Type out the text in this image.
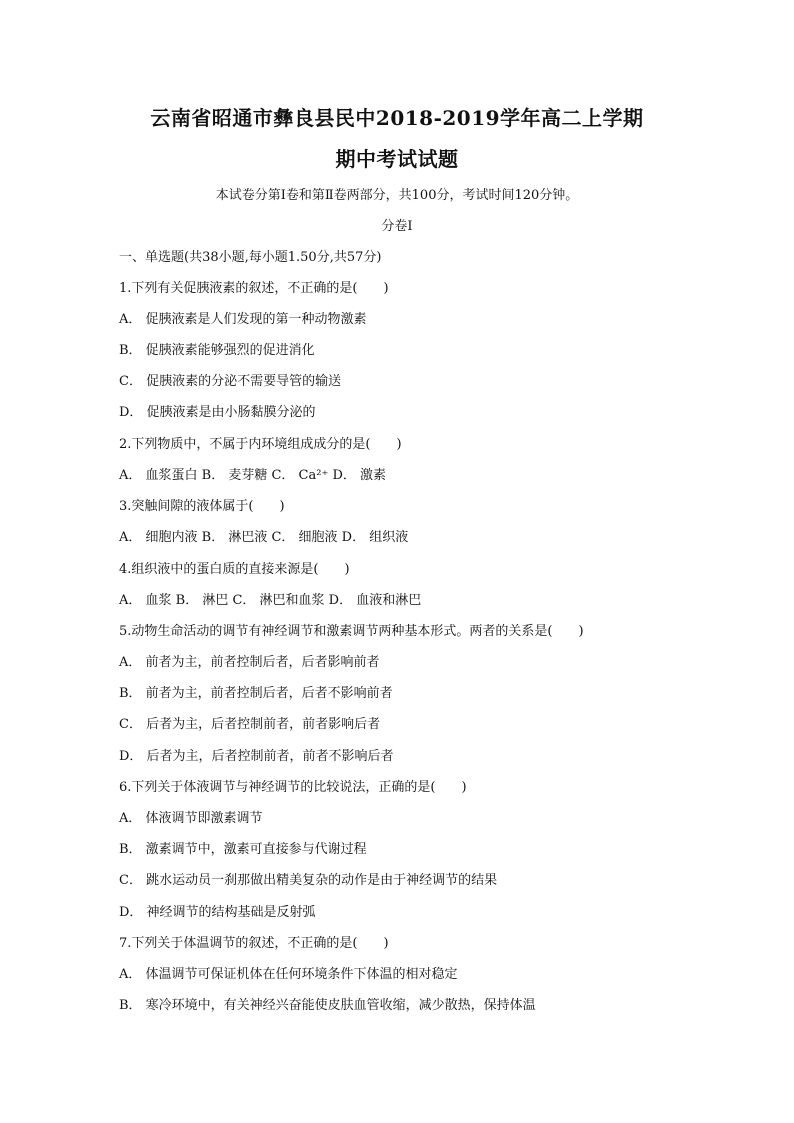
云南省昭通市彝良县民中2018-2019学年高二上学期
期中考试试题
本试卷分第Ⅰ卷和第Ⅱ卷两部分，共100分，考试时间120分钟。
分卷I
一、单选题(共38小题,每小题1.50分,共57分)
1.下列有关促胰液素的叙述，不正确的是(　　)
A． 促胰液素是人们发现的第一种动物激素
B． 促胰液素能够强烈的促进消化
C． 促胰液素的分泌不需要导管的输送
D． 促胰液素是由小肠黏膜分泌的
2.下列物质中，不属于内环境组成成分的是(　　)
A． 血浆蛋白 B． 麦芽糖 C． Ca²⁺ D． 激素
3.突触间隙的液体属于(　　)
A． 细胞内液 B． 淋巴液 C． 细胞液 D． 组织液
4.组织液中的蛋白质的直接来源是(　　)
A． 血浆 B． 淋巴 C． 淋巴和血浆 D． 血液和淋巴
5.动物生命活动的调节有神经调节和激素调节两种基本形式。两者的关系是(　　)
A． 前者为主，前者控制后者，后者影响前者
B． 前者为主，前者控制后者，后者不影响前者
C． 后者为主，后者控制前者，前者影响后者
D． 后者为主，后者控制前者，前者不影响后者
6.下列关于体液调节与神经调节的比较说法，正确的是(　　)
A． 体液调节即激素调节
B． 激素调节中，激素可直接参与代谢过程
C． 跳水运动员一刹那做出精美复杂的动作是由于神经调节的结果
D． 神经调节的结构基础是反射弧
7.下列关于体温调节的叙述，不正确的是(　　)
A． 体温调节可保证机体在任何环境条件下体温的相对稳定
B． 寒冷环境中，有关神经兴奋能使皮肤血管收缩，减少散热，保持体温
